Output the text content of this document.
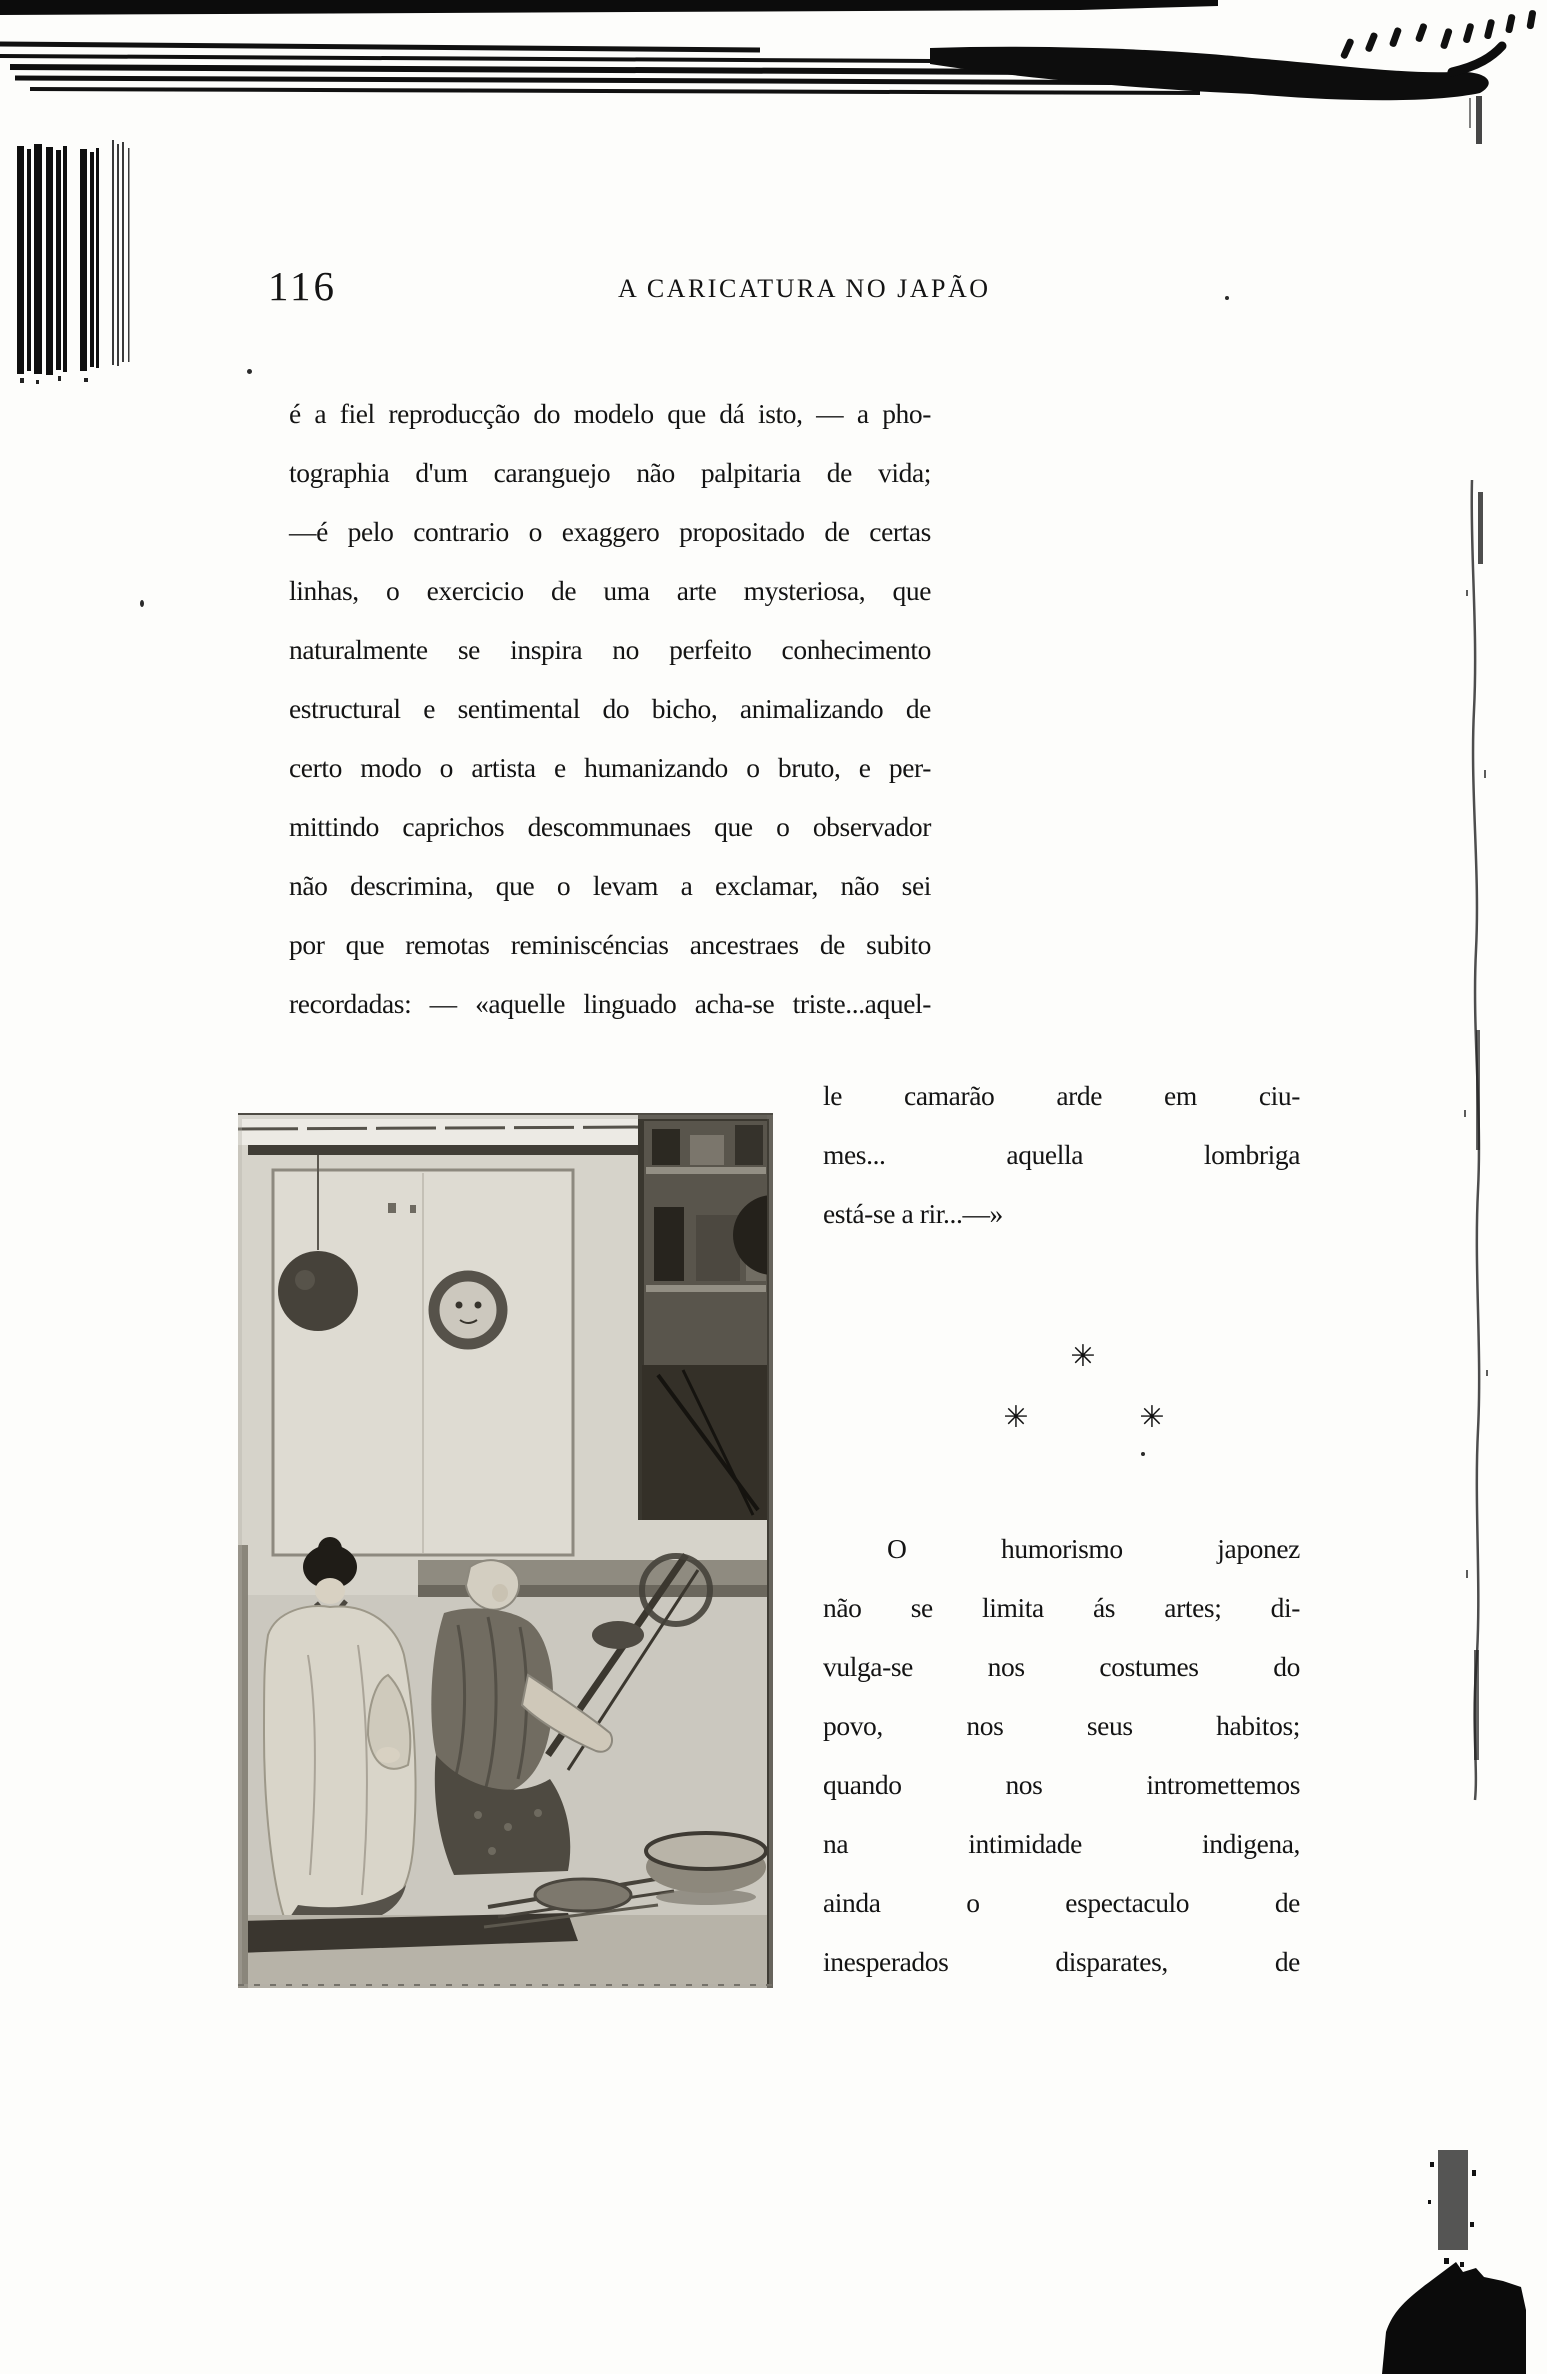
116	A CARICATURA NO JAPÃO
é a fiel reproducção do modelo que dá isto, — a pho-
tographia d'um caranguejo não palpitaria de vida;
—é pelo contrario o exaggero propositado de certas
linhas, o exercicio de uma arte mysteriosa, que
naturalmente se inspira no perfeito conhecimento
estructural e sentimental do bicho, animalizando de
certo modo o artista e humanizando o bruto, e per-
mittindo caprichos descommunaes que o observador
não descrimina, que o levam a exclamar, não sei
por que remotas reminiscéncias ancestraes de subito
recordadas: — «aquelle linguado acha-se triste...aquel-
le camarão arde em ciu-
mes... aquella lombriga
está-se a rir...—»
✳
✳	✳
O humorismo japonez
não se limita ás artes; di-
vulga-se nos costumes do
povo, nos seus habitos;
quando nos intromettemos
na intimidade indigena,
ainda o espectaculo de
inesperados disparates, de
